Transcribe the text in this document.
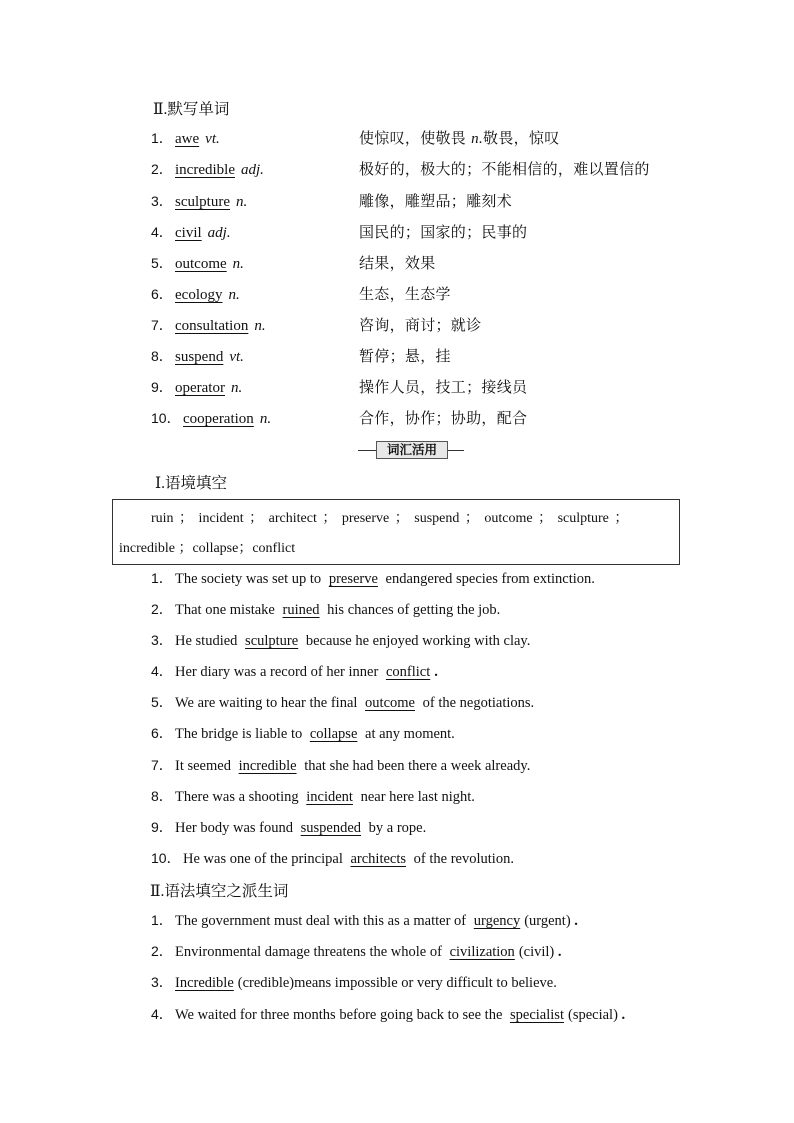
Ⅱ.默写单词
1． awe vt.	使惊叹，使敬畏 n.敬畏，惊叹
2． incredible adj.	极好的，极大的；不能相信的，难以置信的
3． sculpture n.	雕像，雕塑品；雕刻术
4． civil adj.	国民的；国家的；民事的
5． outcome n.	结果，效果
6． ecology n.	生态，生态学
7． consultation n.	咨询，商讨；就诊
8． suspend vt.	暂停；悬，挂
9． operator n.	操作人员，技工；接线员
10． cooperation n.	合作，协作；协助，配合
词汇活用
Ⅰ.语境填空
ruin ； incident ； architect ； preserve ； suspend ； outcome ； sculpture ；
incredible ；collapse；conflict
1． The society was set up to preserve endangered species from extinction.
2． That one mistake ruined his chances of getting the job.
3． He studied sculpture because he enjoyed working with clay.
4． Her diary was a record of her inner conflict .
5． We are waiting to hear the final outcome of the negotiations.
6． The bridge is liable to collapse at any moment.
7． It seemed incredible that she had been there a week already.
8． There was a shooting incident near here last night.
9． Her body was found suspended by a rope.
10． He was one of the principal architects of the revolution.
Ⅱ.语法填空之派生词
1． The government must deal with this as a matter of urgency (urgent) .
2． Environmental damage threatens the whole of civilization (civil) .
3． Incredible (credible)means impossible or very difficult to believe.
4． We waited for three months before going back to see the specialist (special) .
